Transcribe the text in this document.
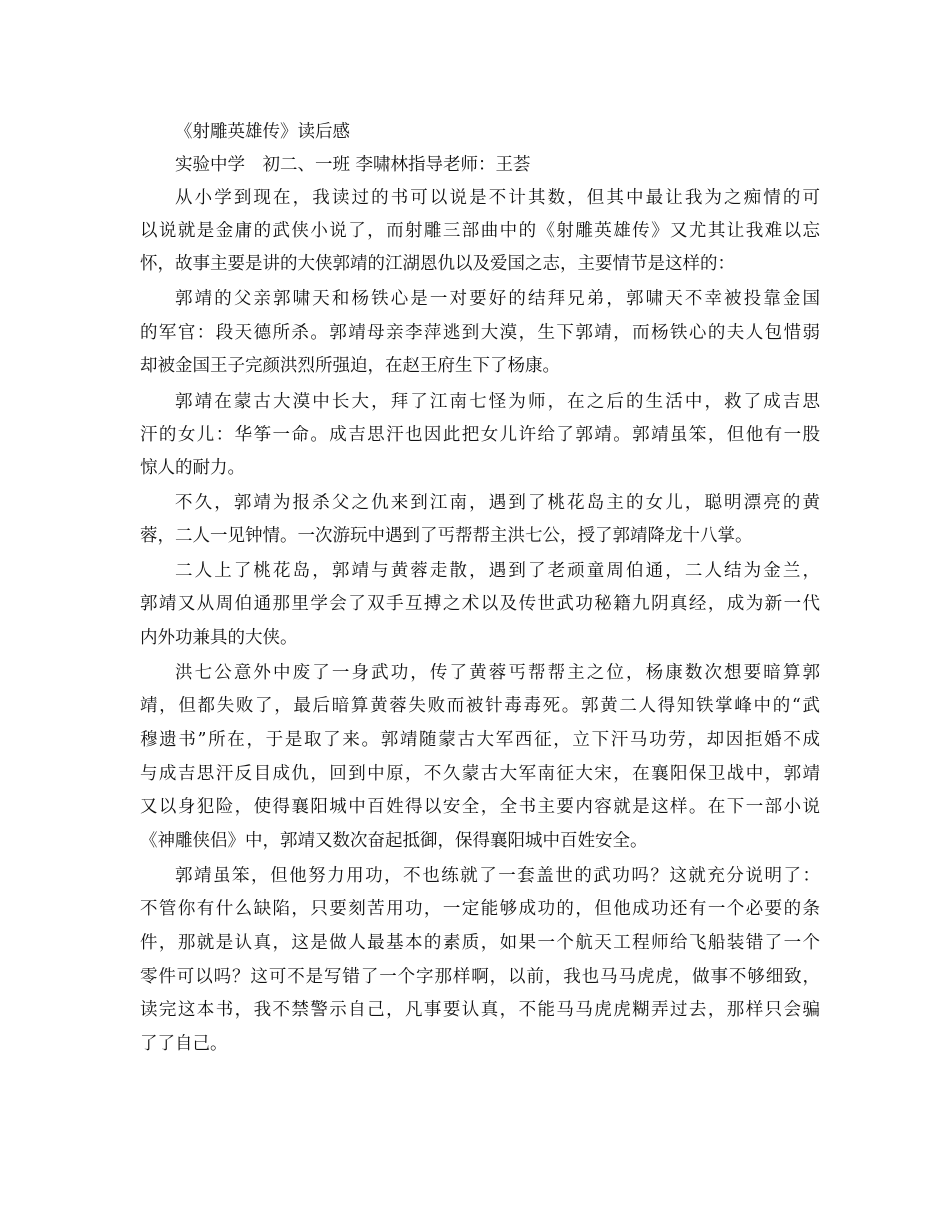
《射雕英雄传》读后感
实验中学　初二、一班 李啸林指导老师：王荟
从小学到现在，我读过的书可以说是不计其数，但其中最让我为之痴情的可
以说就是金庸的武侠小说了，而射雕三部曲中的《射雕英雄传》又尤其让我难以忘
怀，故事主要是讲的大侠郭靖的江湖恩仇以及爱国之志，主要情节是这样的：
郭靖的父亲郭啸天和杨铁心是一对要好的结拜兄弟，郭啸天不幸被投靠金国
的军官：段天德所杀。郭靖母亲李萍逃到大漠，生下郭靖，而杨铁心的夫人包惜弱
却被金国王子完颜洪烈所强迫，在赵王府生下了杨康。
郭靖在蒙古大漠中长大，拜了江南七怪为师，在之后的生活中，救了成吉思
汗的女儿：华筝一命。成吉思汗也因此把女儿许给了郭靖。郭靖虽笨，但他有一股
惊人的耐力。
不久，郭靖为报杀父之仇来到江南，遇到了桃花岛主的女儿，聪明漂亮的黄
蓉，二人一见钟情。一次游玩中遇到了丐帮帮主洪七公，授了郭靖降龙十八掌。
二人上了桃花岛，郭靖与黄蓉走散，遇到了老顽童周伯通，二人结为金兰，
郭靖又从周伯通那里学会了双手互搏之术以及传世武功秘籍九阴真经，成为新一代
内外功兼具的大侠。
洪七公意外中废了一身武功，传了黄蓉丐帮帮主之位，杨康数次想要暗算郭
靖，但都失败了，最后暗算黄蓉失败而被针毒毒死。郭黄二人得知铁掌峰中的“武
穆遗书”所在，于是取了来。郭靖随蒙古大军西征，立下汗马功劳，却因拒婚不成
与成吉思汗反目成仇，回到中原，不久蒙古大军南征大宋，在襄阳保卫战中，郭靖
又以身犯险，使得襄阳城中百姓得以安全，全书主要内容就是这样。在下一部小说
《神雕侠侣》中，郭靖又数次奋起抵御，保得襄阳城中百姓安全。
郭靖虽笨，但他努力用功，不也练就了一套盖世的武功吗？这就充分说明了：
不管你有什么缺陷，只要刻苦用功，一定能够成功的，但他成功还有一个必要的条
件，那就是认真，这是做人最基本的素质，如果一个航天工程师给飞船装错了一个
零件可以吗？这可不是写错了一个字那样啊，以前，我也马马虎虎，做事不够细致，
读完这本书，我不禁警示自己，凡事要认真，不能马马虎虎糊弄过去，那样只会骗
了了自己。
